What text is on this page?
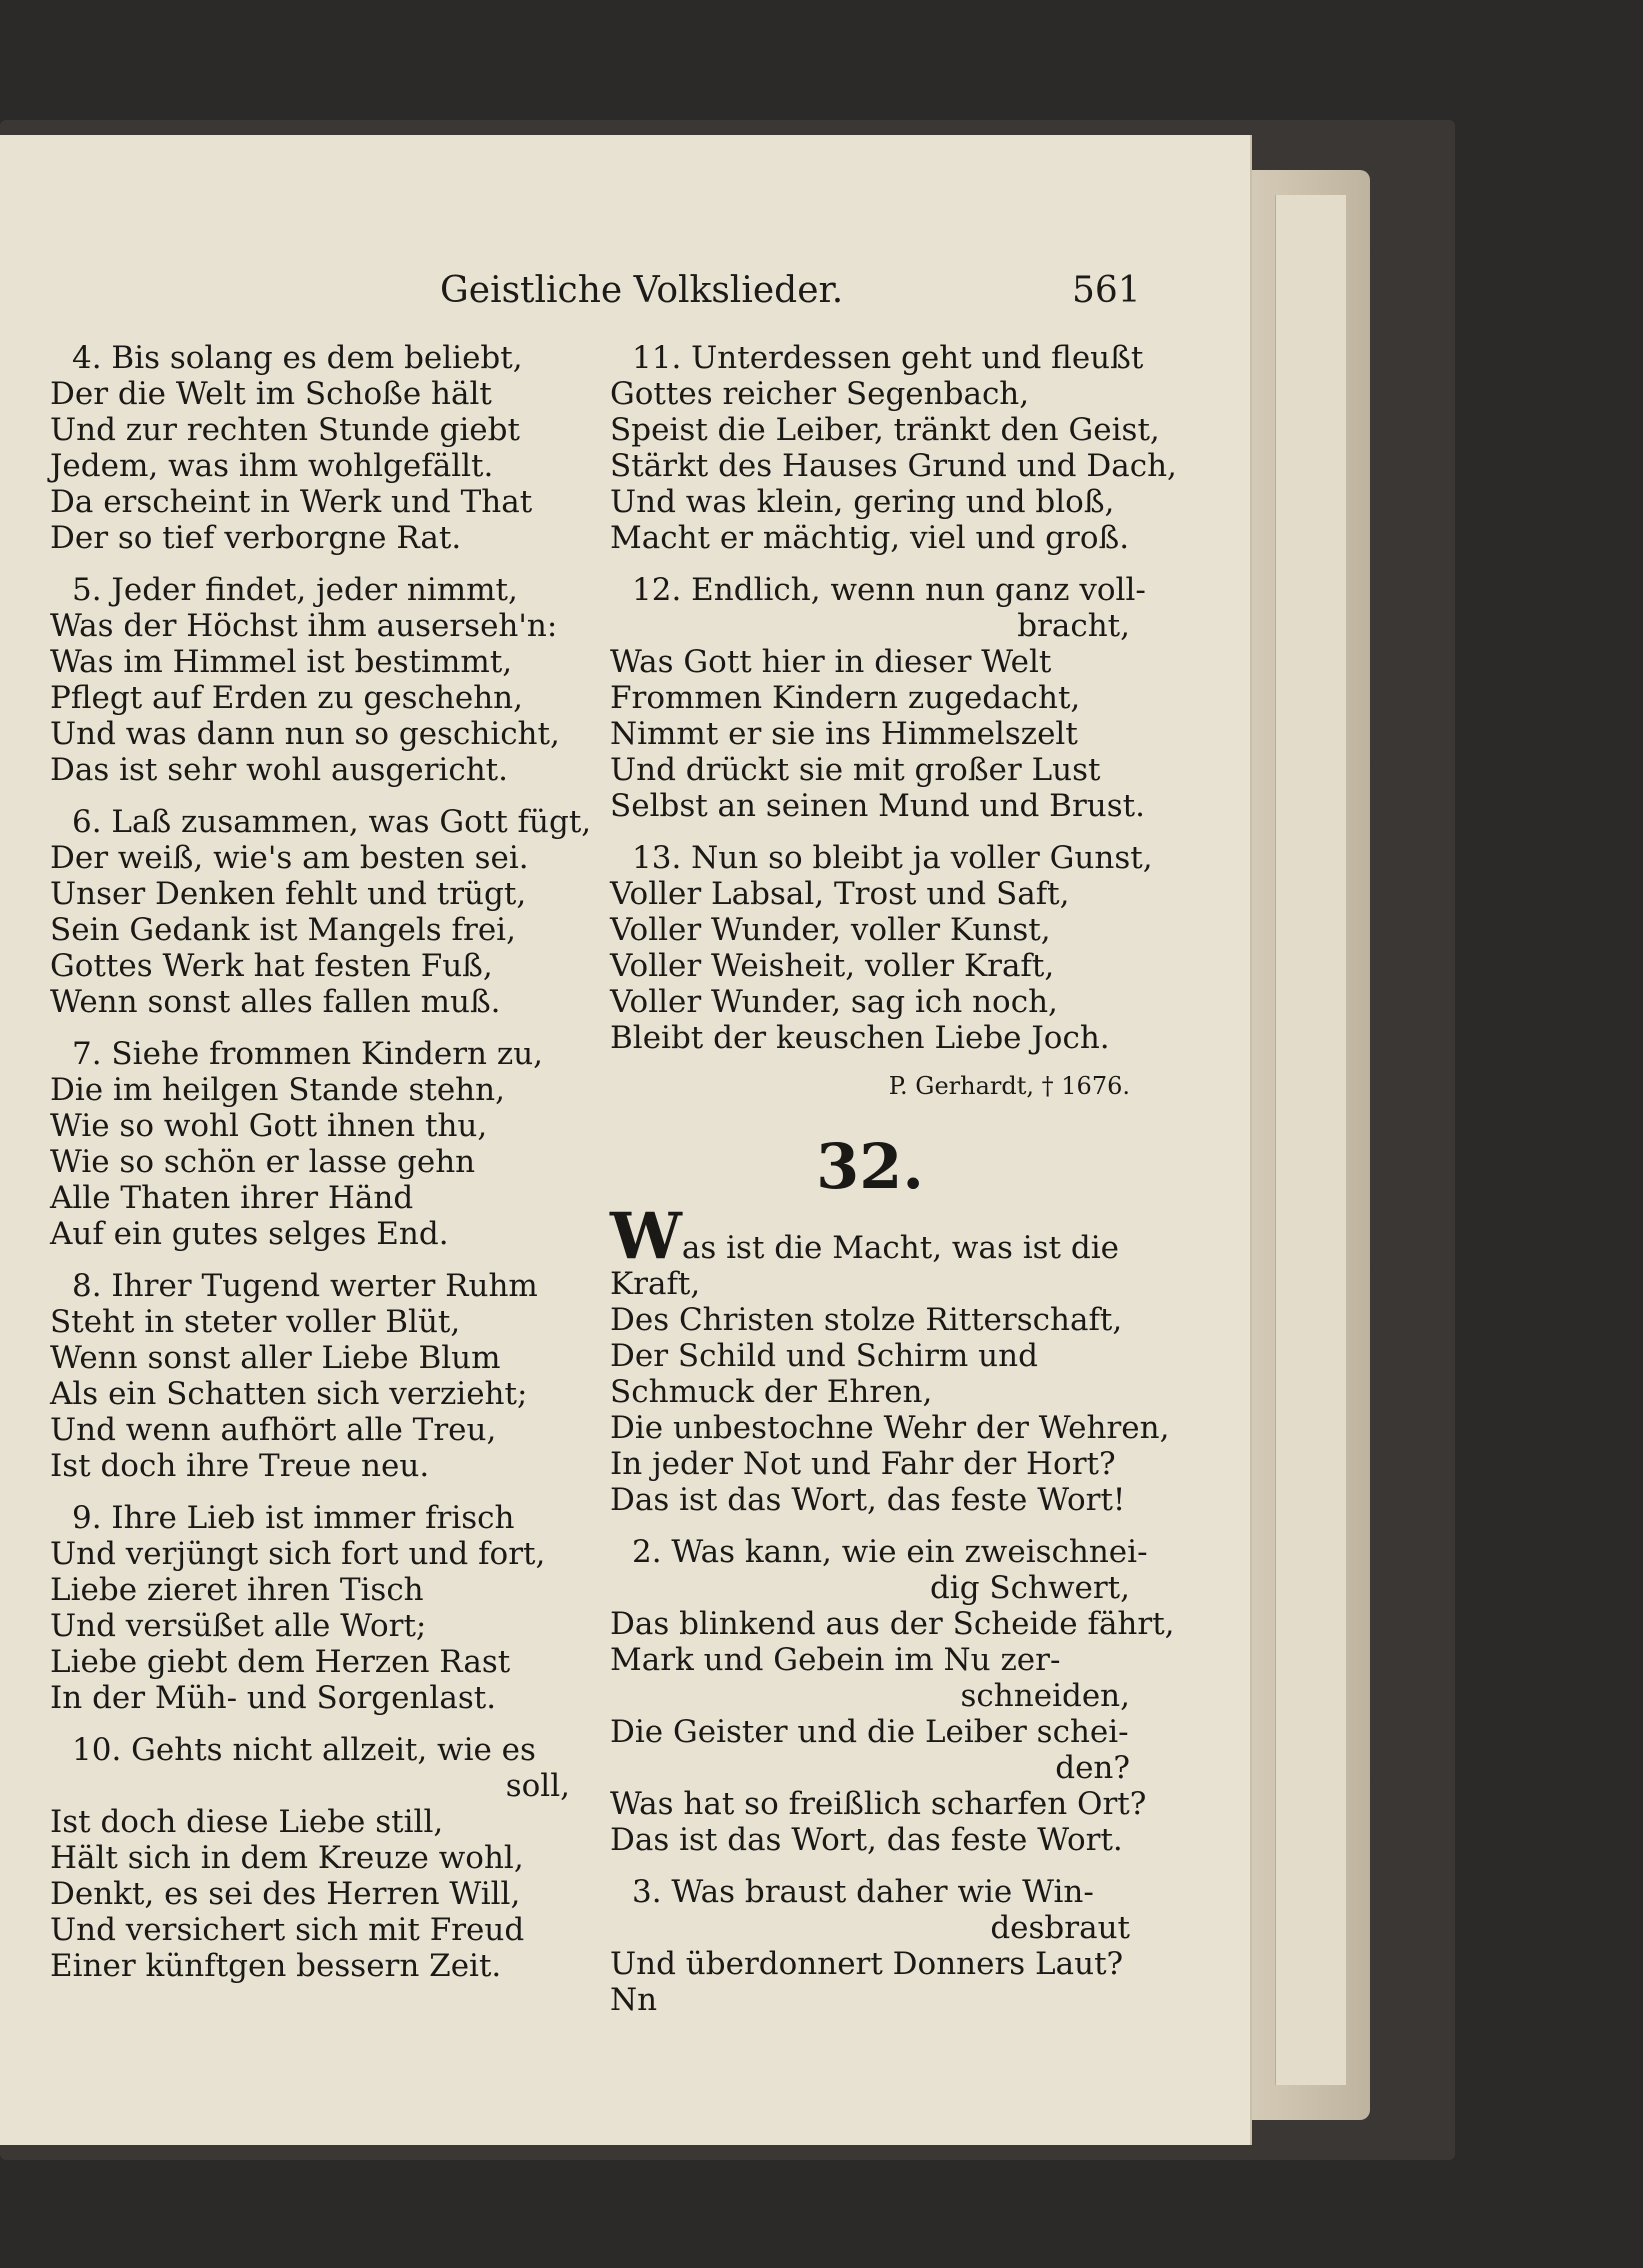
Geistliche Volkslieder.	561
4. Bis solang es dem beliebt,
Der die Welt im Schoße hält
Und zur rechten Stunde giebt
Jedem, was ihm wohlgefällt.
Da erscheint in Werk und That
Der so tief verborgne Rat.
5. Jeder findet, jeder nimmt,
Was der Höchst ihm auserseh'n:
Was im Himmel ist bestimmt,
Pflegt auf Erden zu geschehn,
Und was dann nun so geschicht,
Das ist sehr wohl ausgericht.
6. Laß zusammen, was Gott fügt,
Der weiß, wie's am besten sei.
Unser Denken fehlt und trügt,
Sein Gedank ist Mangels frei,
Gottes Werk hat festen Fuß,
Wenn sonst alles fallen muß.
7. Siehe frommen Kindern zu,
Die im heilgen Stande stehn,
Wie so wohl Gott ihnen thu,
Wie so schön er lasse gehn
Alle Thaten ihrer Händ
Auf ein gutes selges End.
8. Ihrer Tugend werter Ruhm
Steht in steter voller Blüt,
Wenn sonst aller Liebe Blum
Als ein Schatten sich verzieht;
Und wenn aufhört alle Treu,
Ist doch ihre Treue neu.
9. Ihre Lieb ist immer frisch
Und verjüngt sich fort und fort,
Liebe zieret ihren Tisch
Und versüßet alle Wort;
Liebe giebt dem Herzen Rast
In der Müh- und Sorgenlast.
10. Gehts nicht allzeit, wie es
soll,
Ist doch diese Liebe still,
Hält sich in dem Kreuze wohl,
Denkt, es sei des Herren Will,
Und versichert sich mit Freud
Einer künftgen bessern Zeit.
11. Unterdessen geht und fleußt
Gottes reicher Segenbach,
Speist die Leiber, tränkt den Geist,
Stärkt des Hauses Grund und Dach,
Und was klein, gering und bloß,
Macht er mächtig, viel und groß.
12. Endlich, wenn nun ganz voll-
bracht,
Was Gott hier in dieser Welt
Frommen Kindern zugedacht,
Nimmt er sie ins Himmelszelt
Und drückt sie mit großer Lust
Selbst an seinen Mund und Brust.
13. Nun so bleibt ja voller Gunst,
Voller Labsal, Trost und Saft,
Voller Wunder, voller Kunst,
Voller Weisheit, voller Kraft,
Voller Wunder, sag ich noch,
Bleibt der keuschen Liebe Joch.
P. Gerhardt, † 1676.
32.
Was ist die Macht, was ist die
Kraft,
Des Christen stolze Ritterschaft,
Der Schild und Schirm und
Schmuck der Ehren,
Die unbestochne Wehr der Wehren,
In jeder Not und Fahr der Hort?
Das ist das Wort, das feste Wort!
2. Was kann, wie ein zweischnei-
dig Schwert,
Das blinkend aus der Scheide fährt,
Mark und Gebein im Nu zer-
schneiden,
Die Geister und die Leiber schei-
den?
Was hat so freißlich scharfen Ort?
Das ist das Wort, das feste Wort.
3. Was braust daher wie Win-
desbraut
Und überdonnert Donners Laut?
Nn
